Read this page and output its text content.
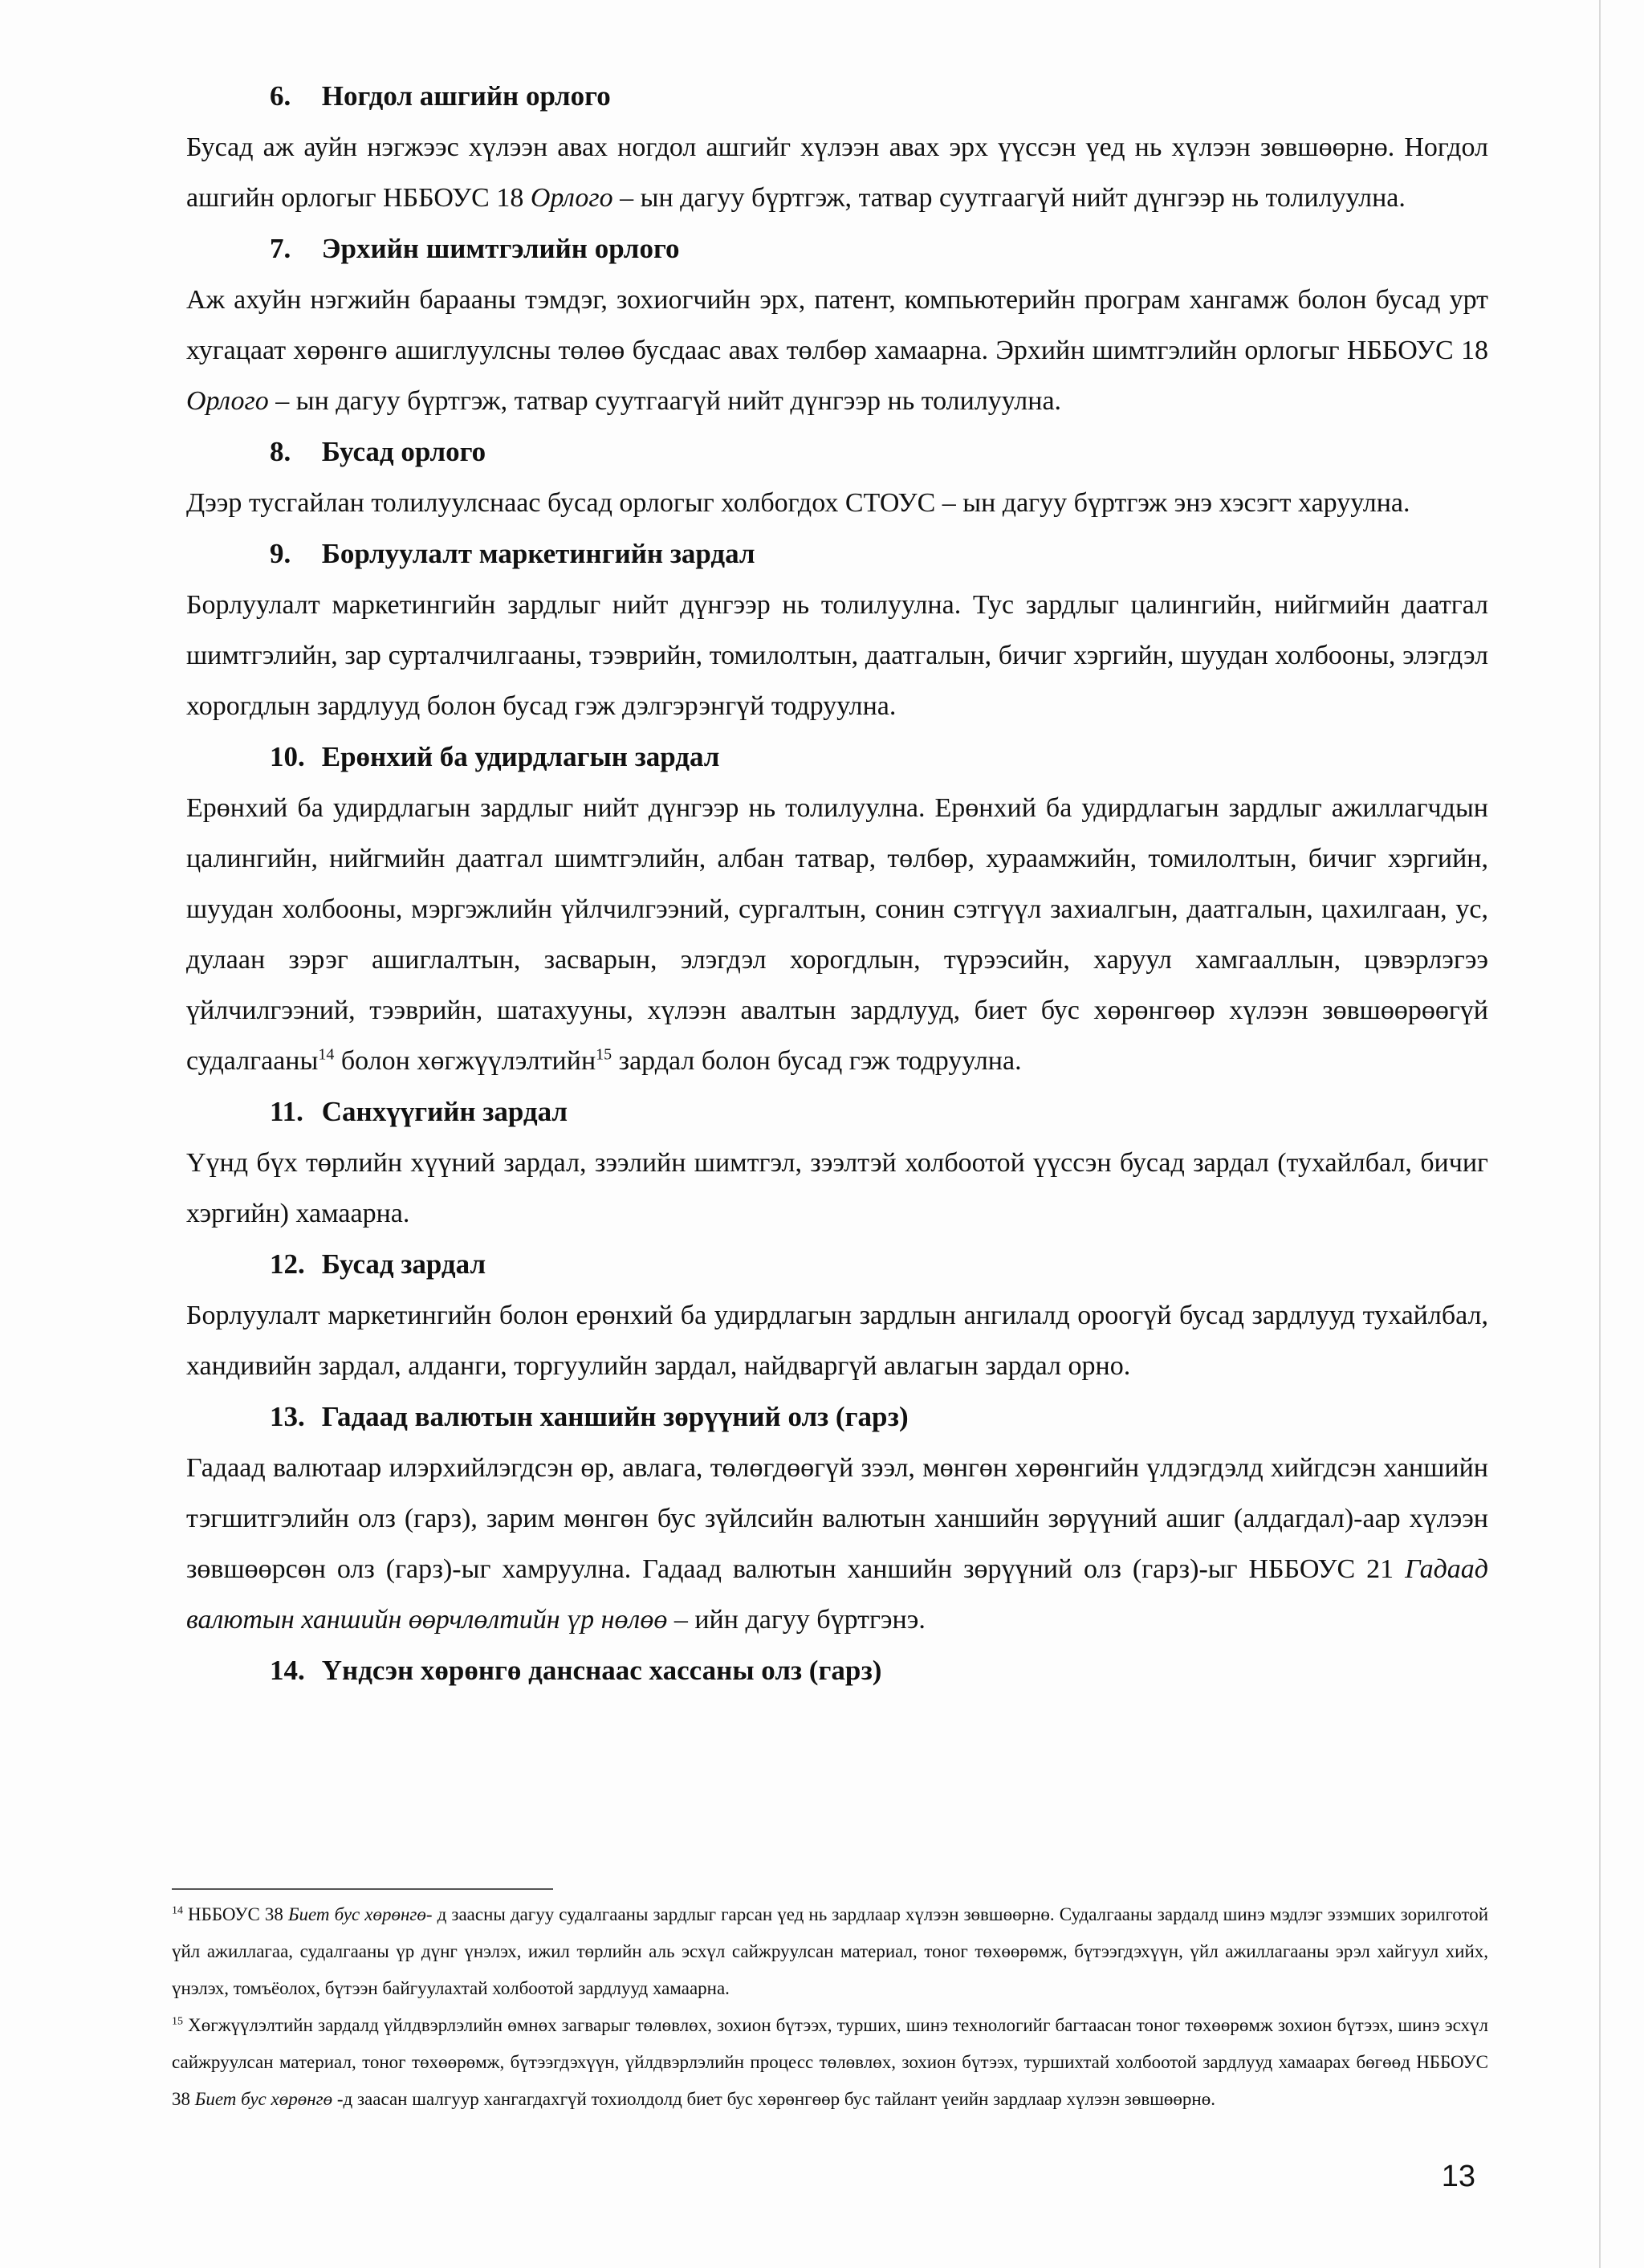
6. Ногдол ашгийн орлого

Бусад аж ауйн нэгжээс хүлээн авах ногдол ашгийг хүлээн авах эрх үүссэн үед нь хүлээн зөвшөөрнө. Ногдол ашгийн орлогыг НББОУС 18 Орлого – ын дагуу бүртгэж, татвар суутгаагүй нийт дүнгээр нь толилуулна.

7. Эрхийн шимтгэлийн орлого

Аж ахуйн нэгжийн барааны тэмдэг, зохиогчийн эрх, патент, компьютерийн програм хангамж болон бусад урт хугацаат хөрөнгө ашиглуулсны төлөө бусдаас авах төлбөр хамаарна. Эрхийн шимтгэлийн орлогыг НББОУС 18 Орлого – ын дагуу бүртгэж, татвар суутгаагүй нийт дүнгээр нь толилуулна.

8. Бусад орлого

Дээр тусгайлан толилуулснаас бусад орлогыг холбогдох СТОУС – ын дагуу бүртгэж энэ хэсэгт харуулна.

9. Борлуулалт маркетингийн зардал

Борлуулалт маркетингийн зардлыг нийт дүнгээр нь толилуулна. Тус зардлыг цалингийн, нийгмийн даатгал шимтгэлийн, зар сурталчилгааны, тээврийн, томилолтын, даатгалын, бичиг хэргийн, шуудан холбооны, элэгдэл хорогдлын зардлууд болон бусад гэж дэлгэрэнгүй тодруулна.

10. Ерөнхий ба удирдлагын зардал

Ерөнхий ба удирдлагын зардлыг нийт дүнгээр нь толилуулна. Ерөнхий ба удирдлагын зардлыг ажиллагчдын цалингийн, нийгмийн даатгал шимтгэлийн, албан татвар, төлбөр, хураамжийн, томилолтын, бичиг хэргийн, шуудан холбооны, мэргэжлийн үйлчилгээний, сургалтын, сонин сэтгүүл захиалгын, даатгалын, цахилгаан, ус, дулаан зэрэг ашиглалтын, засварын, элэгдэл хорогдлын, түрээсийн, харуул хамгааллын, цэвэрлэгээ үйлчилгээний, тээврийн, шатахууны, хүлээн авалтын зардлууд, биет бус хөрөнгөөр хүлээн зөвшөөрөөгүй судалгааны$^{14}$ болон хөгжүүлэлтийн$^{15}$ зардал болон бусад гэж тодруулна.

11. Санхүүгийн зардал

Үүнд бүх төрлийн хүүний зардал, зээлийн шимтгэл, зээлтэй холбоотой үүссэн бусад зардал (тухайлбал, бичиг хэргийн) хамаарна.

12. Бусад зардал

Борлуулалт маркетингийн болон ерөнхий ба удирдлагын зардлын ангилалд ороогүй бусад зардлууд тухайлбал, хандивийн зардал, алданги, торгуулийн зардал, найдваргүй авлагын зардал орно.

13. Гадаад валютын ханшийн зөрүүний олз (гарз)

Гадаад валютаар илэрхийлэгдсэн өр, авлага, төлөгдөөгүй зээл, мөнгөн хөрөнгийн үлдэгдэлд хийгдсэн ханшийн тэгшитгэлийн олз (гарз), зарим мөнгөн бус зүйлсийн валютын ханшийн зөрүүний ашиг (алдагдал)-аар хүлээн зөвшөөрсөн олз (гарз)-ыг хамруулна. Гадаад валютын ханшийн зөрүүний олз (гарз)-ыг НББОУС 21 Гадаад валютын ханшийн өөрчлөлтийн үр нөлөө – ийн дагуу бүртгэнэ.

14. Үндсэн хөрөнгө данснаас хассаны олз (гарз)

$^{14}$ НББОУС 38 Биет бус хөрөнгө- д заасны дагуу судалгааны зардлыг гарсан үед нь зардлаар хүлээн зөвшөөрнө. Судалгааны зардалд шинэ мэдлэг эзэмших зорилготой үйл ажиллагаа, судалгааны үр дүнг үнэлэх, ижил төрлийн аль эсхүл сайжруулсан материал, тоног төхөөрөмж, бүтээгдэхүүн, үйл ажиллагааны эрэл хайгуул хийх, үнэлэх, томъёолох, бүтээн байгуулахтай холбоотой зардлууд хамаарна.

$^{15}$ Хөгжүүлэлтийн зардалд үйлдвэрлэлийн өмнөх загварыг төлөвлөх, зохион бүтээх, турших, шинэ технологийг багтаасан тоног төхөөрөмж зохион бүтээх, шинэ эсхүл сайжруулсан материал, тоног төхөөрөмж, бүтээгдэхүүн, үйлдвэрлэлийн процесс төлөвлөх, зохион бүтээх, туршихтай холбоотой зардлууд хамаарах бөгөөд НББОУС 38 Биет бус хөрөнгө -д заасан шалгуур хангагдахгүй тохиолдолд биет бус хөрөнгөөр бус тайлант үеийн зардлаар хүлээн зөвшөөрнө.

13
